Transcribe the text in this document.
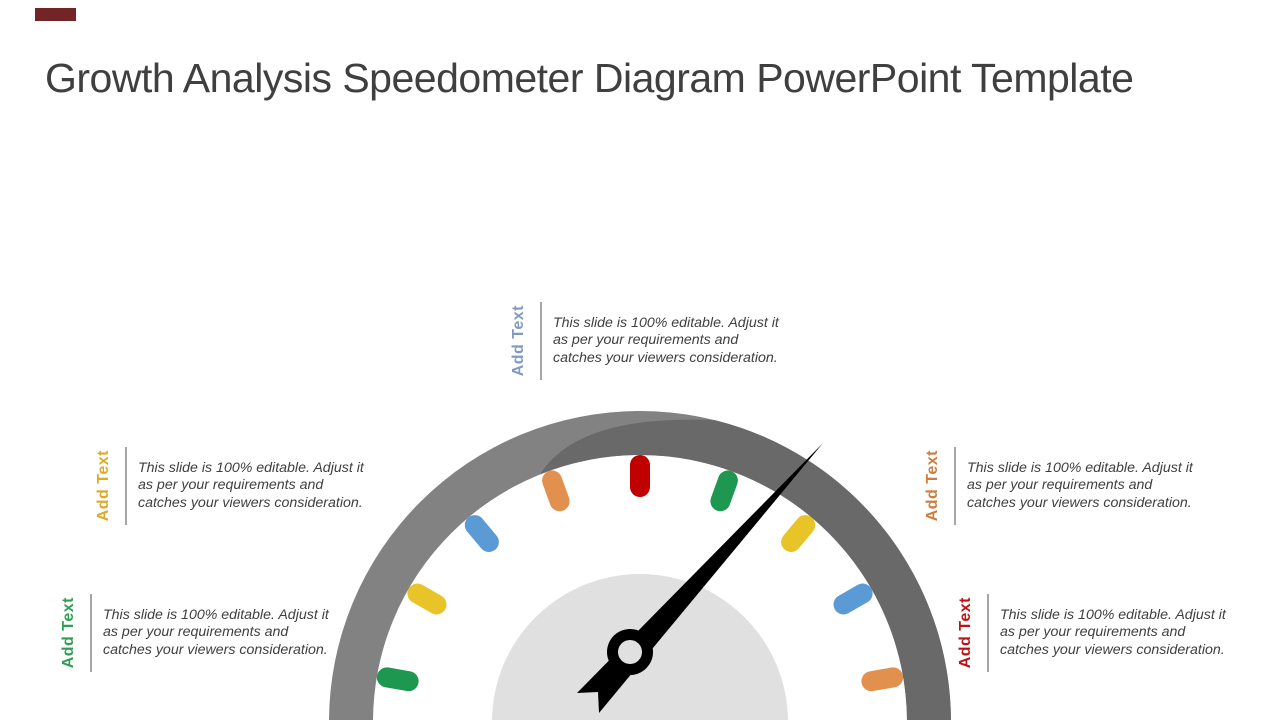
Growth Analysis Speedometer Diagram PowerPoint Template
Add Text This slide is 100% editable. Adjust it as per your requirements and catches your viewers consideration.
Add Text This slide is 100% editable. Adjust it as per your requirements and catches your viewers consideration.
Add Text This slide is 100% editable. Adjust it as per your requirements and catches your viewers consideration.
Add Text This slide is 100% editable. Adjust it as per your requirements and catches your viewers consideration.
Add Text This slide is 100% editable. Adjust it as per your requirements and catches your viewers consideration.
